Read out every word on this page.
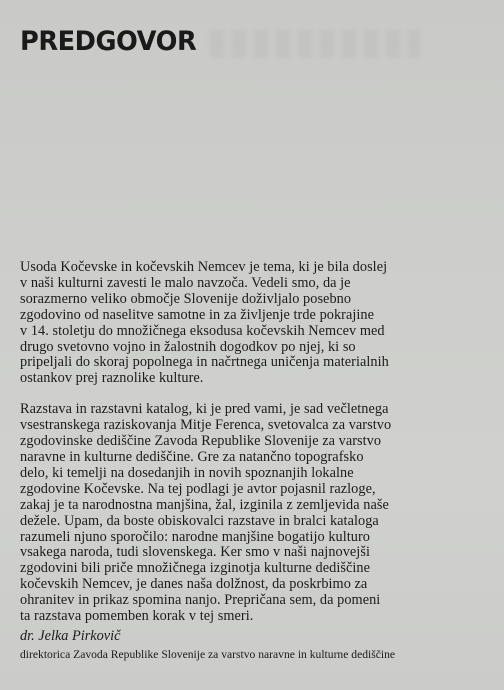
PREDGOVOR

Usoda Kočevske in kočevskih Nemcev je tema, ki je bila doslej
v naši kulturni zavesti le malo navzoča. Vedeli smo, da je
sorazmerno veliko območje Slovenije doživljalo posebno
zgodovino od naselitve samotne in za življenje trde pokrajine
v 14. stoletju do množičnega eksodusa kočevskih Nemcev med
drugo svetovno vojno in žalostnih dogodkov po njej, ki so
pripeljali do skoraj popolnega in načrtnega uničenja materialnih
ostankov prej raznolike kulture.

Razstava in razstavni katalog, ki je pred vami, je sad večletnega
vsestranskega raziskovanja Mitje Ferenca, svetovalca za varstvo
zgodovinske dediščine Zavoda Republike Slovenije za varstvo
naravne in kulturne dediščine. Gre za natančno topografsko
delo, ki temelji na dosedanjih in novih spoznanjih lokalne
zgodovine Kočevske. Na tej podlagi je avtor pojasnil razloge,
zakaj je ta narodnostna manjšina, žal, izginila z zemljevida naše
dežele. Upam, da boste obiskovalci razstave in bralci kataloga
razumeli njuno sporočilo: narodne manjšine bogatijo kulturo
vsakega naroda, tudi slovenskega. Ker smo v naši najnovejši
zgodovini bili priče množičnega izginotja kulturne dediščine
kočevskih Nemcev, je danes naša dolžnost, da poskrbimo za
ohranitev in prikaz spomina nanjo. Prepričana sem, da pomeni
ta razstava pomemben korak v tej smeri.

dr. Jelka Pirkovič
direktorica Zavoda Republike Slovenije za varstvo naravne in kulturne dediščine
